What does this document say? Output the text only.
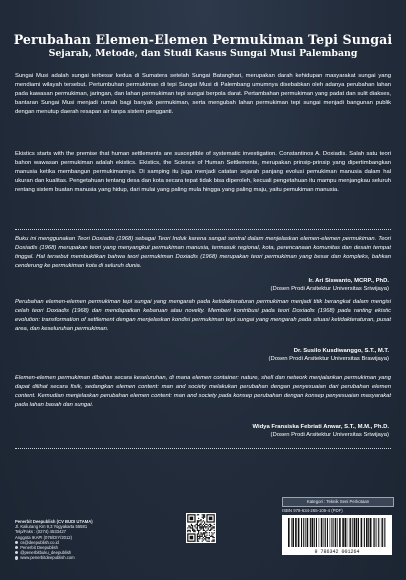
Perubahan Elemen-Elemen Permukiman Tepi Sungai
Sejarah, Metode, dan Studi Kasus Sungai Musi Palembang

Sungai Musi adalah sungai terbesar kedua di Sumatera setelah Sungai Batanghari, merupakan darah kehidupan masyarakat sungai yang mendiami wilayah tersebut. Pertumbuhan permukiman di tepi Sungai Musi di Palembang umumnya disebabkan oleh adanya perubahan lahan pada kawasan permukiman, jaringan, dan lahan permukiman tepi sungai berpola darat. Pertambahan permukiman yang padat dan sulit diakses, bantaran Sungai Musi menjadi rumah bagi banyak permukiman, serta mengubah lahan permukiman tepi sungai menjadi bangunan publik dengan menutup daerah resapan air tanpa sistem pengganti.

Ekistics starts with the premise that human settlements are susceptible of systematic investigation. Constantinos A. Doxiadis. Salah satu teori bahon wawasan permukiman adalah ekistics. Ekistics, the Science of Human Settlements, merupakan prinsip-prinsip yang dipertimbangkan manusia ketika membangun permukimannya. Di samping itu juga menjadi catatan sejarah panjang evolusi pemukiman manusia dalam hal ukuran dan kualitas. Pengetahuan tentang desa dan kota secara tepat tidak bisa diperoleh, kecuali pengetahuan itu mampu menjangkau seluruh rentang sistem buatan manusia yang hidup, dari mulai yang paling mula hingga yang paling maju, yaitu pemukiman manusia.

Buku ini menggunakan Teori Doxiadis (1968) sebagai Teori Induk karena sangat sentral dalam menjelaskan elemen-elemen permukiman. Teori Doxiadis (1968) merupakan teori yang menyangkut permukiman manusia, termasuk regional, kota, perencanaan komunitas dan desain tempat tinggal. Hal tersebut membuktikan bahwa teori permukiman Doxiadis (1968) merupakan teori permukiman yang besar dan kompleks, bahkan cenderung ke permukiman kota di seluruh dunia.

Ir. Ari Siswanto, MCRP., PhD.
(Dosen Prodi Arsitektur Universitas Sriwijaya)

Perubahan elemen-elemen permukiman tepi sungai yang mengarah pada ketidakteraturan permukiman menjadi titik berangkat dalam mengisi celah teori Doxiadis (1968) dan mendapatkan kebaruan atau novelty. Memberi kontribusi pada teori Doxiadis (1968) pada ranting ekistic evolution: transformation of settlement dengan menjelaskan kondisi permukiman tepi sungai yang mengarah pada situasi ketidakteraturan, pusat area, dan keseluruhan permukiman.

Dr. Susilo Kusdiwanggo, S.T., M.T.
(Dosen Prodi Arsitektur Universitas Brawijaya)

Elemen-elemen permukiman dibahas secara keseluruhan, di mana elemen container: nature, shell dan network menjalankan permukiman yang dapat dilihat secara fisik, sedangkan elemen content: man and society melakukan perubahan dengan penyesuaian dari perubahan elemen content. Kemudian menjelaskan perubahan elemen content: man and society pada konsep perubahan dengan konsep penyesuaian masyarakat pada lahan basah dan sungai.

Widya Fransiska Febriati Anwar, S.T., M.M., Ph.D.
(Dosen Prodi Arsitektur Universitas Sriwijaya)
Penerbit Deepublish (CV BUDI UTAMA)
Jl. Kaliurang Km 9,3 Yogyakarta 55581
Telp/Faks : (0274) 4533427
Anggota IKAPI (076/DIY/2012)
cs@deepublish.co.id
Penerbit Deepublish
@penerbitbuku_deepublish
www.penerbitdeepublish.com
Kategori : Teknik Seni Perkotaan
ISBN 978-634-265-106-4 (PDF)
9 786342 001264
